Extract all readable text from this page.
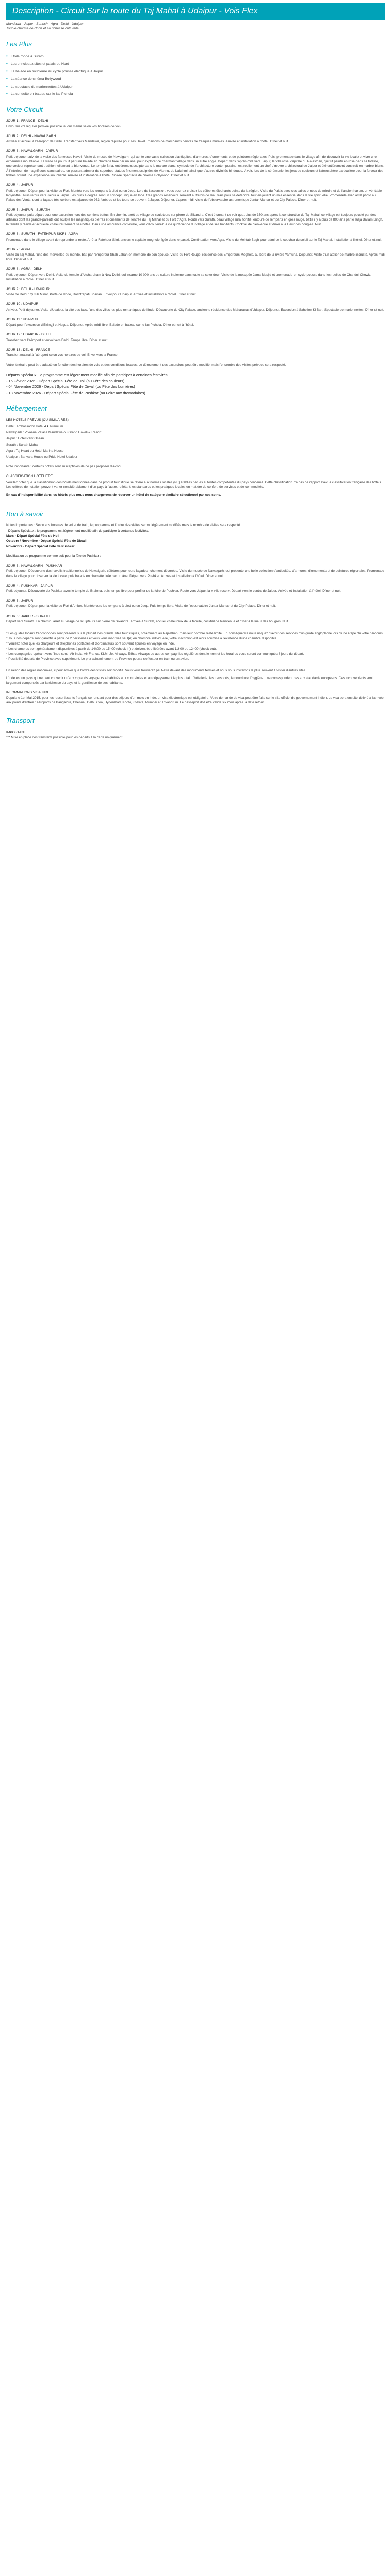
Description - Circuit Sur la route du Taj Mahal à Udaipur - Vois Flex
Mandawa · Jaipur · Sunrish · Agra · Delhi · Udaipur
Tout le charme de l'Inde et sa richesse culturelle
Les Plus
• Etoile ronde à Surath
• Les principaux sites et palais du Nord
• La balade en tricîcleure au cycle pousse électrique à Jaipur
• La séance de cinéma Bollywood
• Le spectacle de marionnettes à Udaipur
• La conduite en bateau sur le lac Pichola
Votre Circuit
JOUR 1 : FRANCE - DELHI

Envol sur vol régulier (arrivée possible le jour même selon vos horaires de vol).

JOUR 2 : DELHI - NAWALGARH

Arrivée et accueil à l'aéroport de Delhi. Transfert vers Mandawa, région réputée pour ses Haveli, maisons de marchands peintes de fresques murales. Arrivée et installation à l'hôtel. Dîner et nuit.

JOUR 3 : NAWALGARH - JAIPUR

Petit-déjeuner suivi de la visite des fameuses Haveli. Visite du musée de Nawalgarh, qui abrite une vaste collection d'antiquités, d'armures, d'ornements et de peintures régionales. Puis, promenade dans le village afin de découvrir la vie locale et vivre une expérience inoubliable. La visite se poursuit par une balade en charrette tirée par un âne, pour explorer ce charmant village dans un autre angle. Départ dans l'après-midi vers Jaipur, la ville rose, capitale du Rajasthan, qui fut peinte en rose dans sa totalité, une couleur représentant traditionnellement la bienvenue. Le temple Birla, entièrement sculpté dans le marbre blanc, symbole de l'architecture contemporaine, est réellement un chef-d'œuvre architectural de Jaipur et été entièrement construit en marbre blanc. À l'intérieur, de magnifiques sanctuaires, en passant admirer de superbes statues finement sculptées de Vishnu, de Lakshmi, ainsi que d'autres divinités hindoues. A voir, lors de la cérémonie, les jeux de couleurs et l'atmosphère particulière pour la ferveur des fidèles offrent une expérience inoubliable. Arrivée et installation à l'hôtel. Soirée Spectacle de cinéma Bollywood. Dîner et nuit.

JOUR 4 : JAIPUR

Petit-déjeuner. Départ pour la visite du Fort. Montée vers les remparts à pied ou en Jeep. Lors de l'ascension, vous pourrez croiser les célèbres éléphants peints de la région. Visite du Palais avec ses salles ornées de miroirs et de l'ancien harem, un véritable labyrinthe ! Puis retour vers Jaipur à Jaipur. Les puits à degrés sont un concept unique en Inde. Ces grands réservoirs seraient autrefois de leau frais pour se détendre, tout en jouant un rôle essentiel dans la vie spirituelle. Promenade avec arrêt photo au Palais des Vents, dont la façade très célèbre est ajourée de 953 fenêtres et les tours se trouvent à Jaipur. Déjeuner. L'après-midi, visite de l'observatoire astronomique Jantar Mantar et du City Palace. Dîner et nuit.

JOUR 5 : JAIPUR - SURATH

Petit déjeuner puis départ pour une excursion hors des sentiers battus. En chemin, arrêt au village de sculpteurs sur pierre de Sikandra. C'est étonnant de voir que, plus de 350 ans après la construction du Taj Mahal, ce village est toujours peuplé par des artisans dont les grands-parents ont sculpté les magnifiques pierres et ornements de l'entrée du Taj Mahal et du Fort d'Agra. Route vers Surath, beau village rural fortifié, entouré de remparts en grès rouge, bâtis il y a plus de 800 ans par le Raja Ballam Singh, la famille y réside et accueille chaleureusement ses hôtes. Dans une ambiance conviviale, vous découvrirez la vie quotidienne du village et de ses habitants. Cocktail de bienvenue et dîner à la lueur des bougies. Nuit.

JOUR 6 : SURATH - FATEHPUR SIKRI - AGRA

Promenade dans le village avant de reprendre la route. Arrêt à Fatehpur Sikri, ancienne capitale moghole figée dans le passé. Continuation vers Agra. Visite du Mehtab Bagh pour admirer le coucher du soleil sur le Taj Mahal. Installation à l'hôtel. Dîner et nuit.

JOUR 7 : AGRA

Visite du Taj Mahal, l'une des merveilles du monde, bâti par l'empereur Shah Jahan en mémoire de son épouse. Visite du Fort Rouge, résidence des Empereurs Moghols, au bord de la rivière Yamuna. Déjeuner. Visite d'un atelier de marbre incrusté. Après-midi libre. Dîner et nuit.

JOUR 8 : AGRA - DELHI

Petit-déjeuner. Départ vers Delhi. Visite du temple d'Akshardham à New Delhi, qui incarne 10 000 ans de culture indienne dans toute sa splendeur. Visite de la mosquée Jama Masjid et promenade en cyclo-pousse dans les ruelles de Chandni Chowk. Installation à l'hôtel. Dîner et nuit.

JOUR 9 : DELHI - UDAIPUR

Visite de Delhi : Qutub Minar, Porte de l'Inde, Rashtrapati Bhavan. Envol pour Udaipur. Arrivée et installation à l'hôtel. Dîner et nuit.

JOUR 10 : UDAIPUR

Arrivée. Petit-déjeuner. Visite d'Udaipur, la cité des lacs, l'une des villes les plus romantiques de l'Inde. Découverte du City Palace, ancienne résidence des Maharanas d'Udaipur. Déjeuner. Excursion à Sahelion Ki Bari. Spectacle de marionnettes. Dîner et nuit.

JOUR 11 : UDAIPUR

Départ pour l'excursion d'Eklingji et Nagda. Déjeuner. Après-midi libre. Balade en bateau sur le lac Pichola. Dîner et nuit à l'hôtel.

JOUR 12 : UDAIPUR - DELHI

Transfert vers l'aéroport et envol vers Delhi. Temps libre. Dîner et nuit.

JOUR 13 : DELHI - FRANCE

Transfert matinal à l'aéroport selon vos horaires de vol. Envol vers la France.

Votre itinéraire peut être adapté en fonction des horaires de vols et des conditions locales. Le déroulement des excursions peut être modifié, mais l'ensemble des visites prévues sera respecté.

Départs Spéciaux : le programme est légèrement modifié afin de participer à certaines festivités.

- 15 Février 2026 - Départ Spécial Fête de Holi (au Fête des couleurs)

- 04 Novembre 2026 - Départ Spécial Fête de Diwali (ou Fête des Lumières)

- 18 Novembre 2026 - Départ Spécial Fête de Pushkar (ou Foire aux dromadaires)

Hébergement

LES HÔTELS PRÉVUS (OU SIMILAIRES)

Delhi : Ambassador Hotel 4★ Premium

Nawalgarh : Vivaana Palace Mandawa ou Grand Haveli & Resort

Jaipur : Hotel Park Ocean

Surath : Surath Mahal

Agra : Taj Heart ou Hotel Marina House

Udaipur : Bariyara House ou Pride Hotel Udaipur

Note importante : certains hôtels sont susceptibles de ne pas proposer d'alcool.

CLASSIFICATION HÔTELIÈRE

Veuillez noter que la classification des hôtels mentionnée dans ce produit touristique se réfère aux normes locales (NL) établies par les autorités compétentes du pays concerné. Cette classification n'a pas de rapport avec la classification française des hôtels. Les critères de notation peuvent varier considérablement d'un pays à l'autre, reflétant les standards et les pratiques locales en matière de confort, de services et de commodités.

En cas d'indisponibilité dans les hôtels plus nous nous chargerons de réserver un hôtel de catégorie similaire sélectionné par nos soins.

Bon à savoir

Notes importantes : Selon vos horaires de vol et de train, le programme et l'ordre des visites seront légèrement modifiés mais le nombre de visites sera respecté.

- Départs Spéciaux : le programme est légèrement modifié afin de participer à certaines festivités.

Mars - Départ Spécial Fête de Holi

Octobre / Novembre - Départ Spécial Fête de Diwali

Novembre - Départ Spécial Fête de Pushkar

Modification du programme comme suit pour la fête de Pushkar :

JOUR 3 : NAWALGARH - PUSHKAR

Petit-déjeuner. Découverte des havelis traditionnelles de Nawalgarh, célèbres pour leurs façades richement décorées. Visite du musée de Nawalgarh, qui présente une belle collection d'antiquités, d'armures, d'ornements et de peintures régionales. Promenade dans le village pour observer la vie locale, puis balade en charrette tirée par un âne. Départ vers Pushkar. Arrivée et installation à l'hôtel. Dîner et nuit.

JOUR 4 : PUSHKAR - JAIPUR

Petit déjeuner. Découverte de Pushkar avec le temple de Brahma, puis temps libre pour profiter de la foire de Pushkar. Route vers Jaipur, la « ville rose ». Départ vers le centre de Jaipur. Arrivée et installation à l'hôtel. Dîner et nuit.

JOUR 5 : JAIPUR

Petit-déjeuner. Départ pour la visite du Fort d'Amber. Montée vers les remparts à pied ou en Jeep. Puis temps libre. Visite de l'observatoire Jantar Mantar et du City Palace. Dîner et nuit.

JOUR 6 : JAIPUR - SURATH

Départ vers Surath. En chemin, arrêt au village de sculpteurs sur pierre de Sikandra. Arrivée à Surath, accueil chaleureux de la famille, cocktail de bienvenue et dîner à la lueur des bougies. Nuit.

* Les guides locaux francophones sont présents sur la plupart des grands sites touristiques, notamment au Rajasthan, mais leur nombre reste limité. En conséquence nous risquez d'avoir des services d'un guide anglophone lors d'une étape du votre parcours.

* Tous nos départs sont garantis à partir de 2 personnes et vous vous inscrivez seul(e) en chambre individuelle, votre inscription est alors soumise à l'existence d'une chambre disponible.

* Veuillez noter que les chargeurs et téléphones portables et d'ordinateurs sont souvent épuisés en voyage en Inde.

* Les chambres sont généralement disponibles à partir de 14h00 ou 15h00 (check-in) et doivent être libérées avant 11h00 ou 12h00 (check-out).

* Les compagnies opérant vers l'Inde sont : Air India, Air France, KLM, Jet Airways, Etihad Airways ou autres compagnies régulières dont le nom et les horaires vous seront communiqués 8 jours du départ.

* Possibilité départs de Province avec supplément. Le prix acheminement de Province pourra s'effectuer en train ou en avion.

En raison des règles nationales, il peut arriver que l'ordre des visites soit modifié. Vous vous trouverez peut-être devant des monuments fermés et nous vous inviterons le plus souvent à visiter d'autres sites.

L'Inde est un pays qui ne peut convenir qu'aux « grands voyageurs » habitués aux contraintes et au dépaysement le plus total. L'hôtellerie, les transports, la nourriture, l'hygiène... ne correspondent pas aux standards européens. Ces inconvénients sont largement compensés par la richesse du pays et la gentillesse de ses habitants.

INFORMATIONS VISA INDE

Depuis le 1er Mai 2015, pour les ressortissants français se rendant pour des séjours d'un mois en Inde, un visa électronique est obligatoire. Votre demande de visa peut être faite sur le site officiel du gouvernement indien. Le visa sera ensuite délivré à l'arrivée aux points d'entrée : aéroports de Bangalore, Chennai, Delhi, Goa, Hyderabad, Kochi, Kolkata, Mumbai et Trivandrum. Le passeport doit être valide six mois après la date retour.

Transport
IMPORTANT

*** Mise en place des transferts possible pour les départs à la carte uniquement.
